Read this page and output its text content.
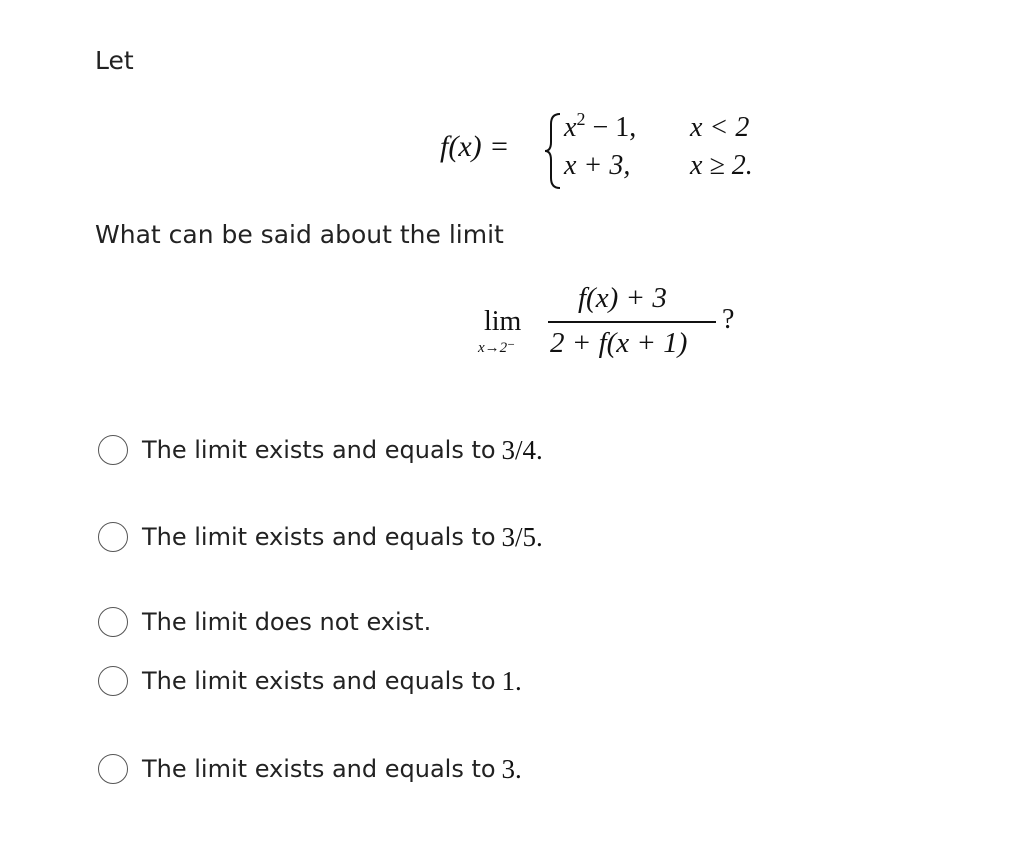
Let
f(x) =
$x^2 - 1$, x < 2
x + 3, x ≥ 2.
What can be said about the limit
lim
x→2⁻
f(x) + 3
2 + f(x + 1)
?
The limit exists and equals to 3/4.
The limit exists and equals to 3/5.
The limit does not exist.
The limit exists and equals to 1.
The limit exists and equals to 3.
